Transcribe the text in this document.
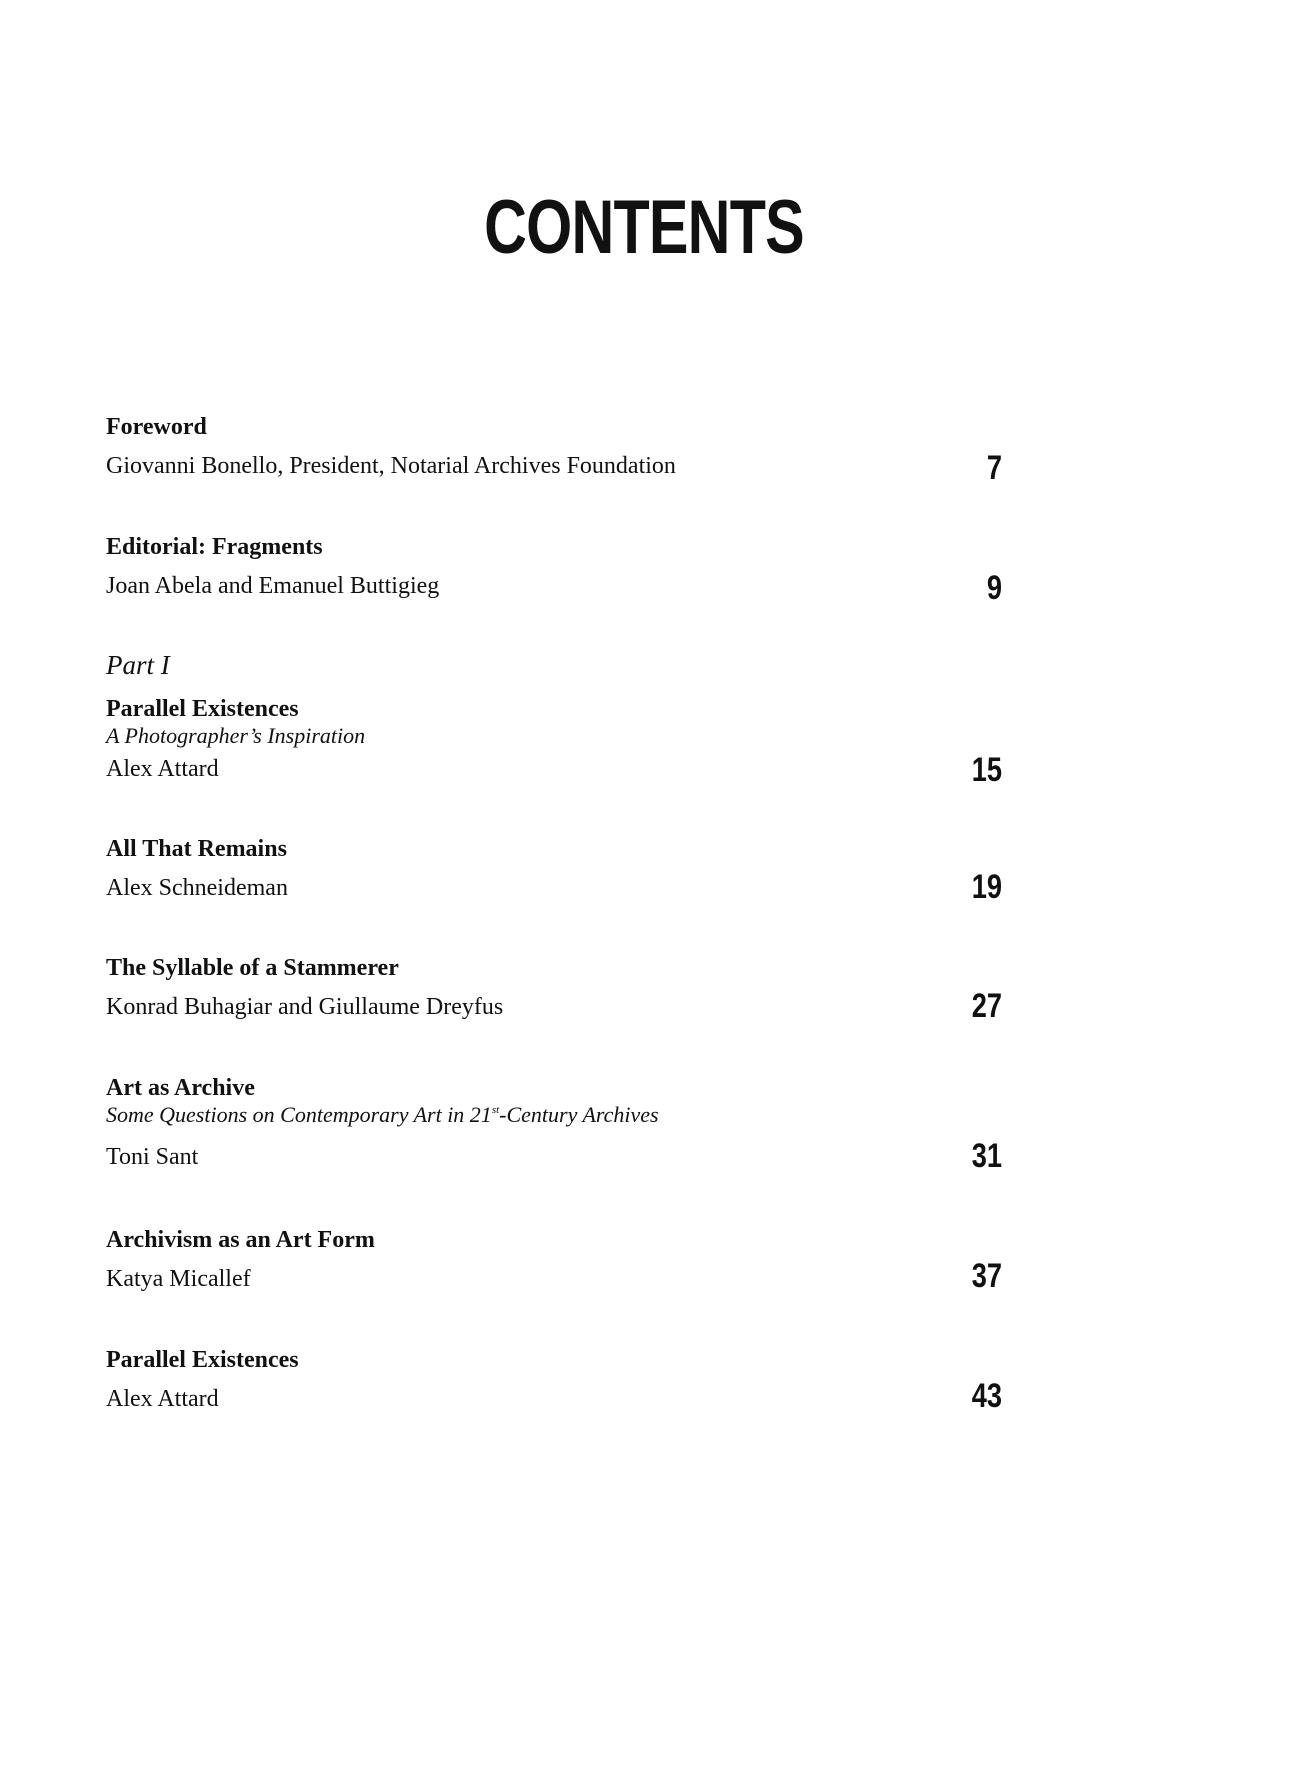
CONTENTS
Foreword
Giovanni Bonello, President, Notarial Archives Foundation	7
Editorial: Fragments
Joan Abela and Emanuel Buttigieg	9
Part I
Parallel Existences
A Photographer’s Inspiration
Alex Attard	15
All That Remains
Alex Schneideman	19
The Syllable of a Stammerer
Konrad Buhagiar and Giullaume Dreyfus	27
Art as Archive
Some Questions on Contemporary Art in 21st-Century Archives
Toni Sant	31
Archivism as an Art Form
Katya Micallef	37
Parallel Existences
Alex Attard	43
